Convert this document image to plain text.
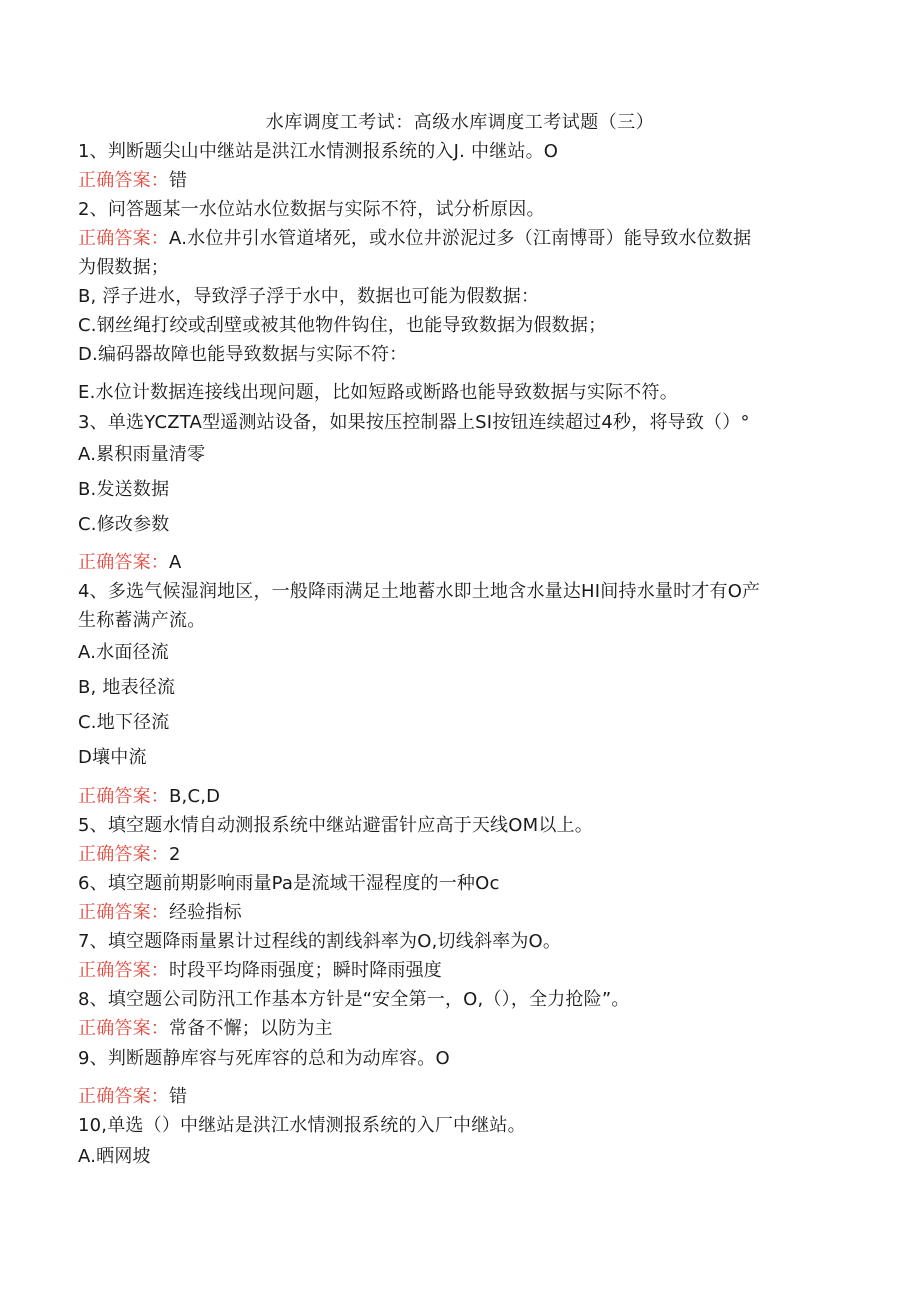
水库调度工考试：高级水库调度工考试题（三）
1、判断题尖山中继站是洪江水情测报系统的入J. 中继站。O
正确答案：错
2、问答题某一水位站水位数据与实际不符，试分析原因。
正确答案：A.水位井引水管道堵死，或水位井淤泥过多（江南博哥）能导致水位数据
为假数据；
B, 浮子进水，导致浮子浮于水中，数据也可能为假数据：
C.钢丝绳打绞或刮壁或被其他物件钩住，也能导致数据为假数据；
D.编码器故障也能导致数据与实际不符：
E.水位计数据连接线出现问题，比如短路或断路也能导致数据与实际不符。
3、单选YCZTA型遥测站设备，如果按压控制器上SI按钮连续超过4秒，将导致（）°
A.累积雨量清零
B.发送数据
C.修改参数
正确答案：A
4、多选气候湿润地区，一般降雨满足土地蓄水即土地含水量达HI间持水量时才有O产
生称蓄满产流。
A.水面径流
B, 地表径流
C.地下径流
D壤中流
正确答案：B,C,D
5、填空题水情自动测报系统中继站避雷针应高于天线OM以上。
正确答案：2
6、填空题前期影响雨量Pa是流域干湿程度的一种Oc
正确答案：经验指标
7、填空题降雨量累计过程线的割线斜率为O,切线斜率为O。
正确答案：时段平均降雨强度；瞬时降雨强度
8、填空题公司防汛工作基本方针是“安全第一，O,（），全力抢险”。
正确答案：常备不懈；以防为主
9、判断题静库容与死库容的总和为动库容。O
正确答案：错
10,单选（）中继站是洪江水情测报系统的入厂中继站。
A.晒网坡
